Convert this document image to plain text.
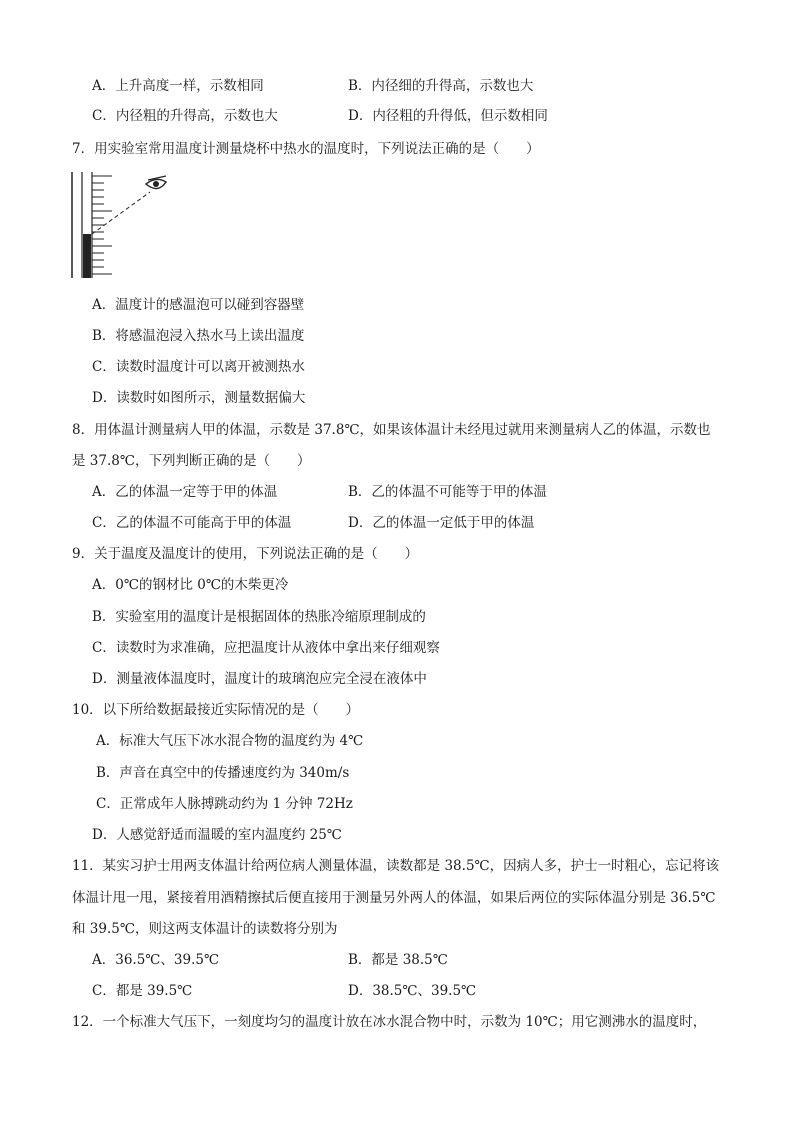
A．上升高度一样，示数相同	B．内径细的升得高，示数也大
C．内径粗的升得高，示数也大	D．内径粗的升得低，但示数相同
7．用实验室常用温度计测量烧杯中热水的温度时，下列说法正确的是（　　）
A．温度计的感温泡可以碰到容器壁
B．将感温泡浸入热水马上读出温度
C．读数时温度计可以离开被测热水
D．读数时如图所示，测量数据偏大
8．用体温计测量病人甲的体温，示数是 37.8℃，如果该体温计未经甩过就用来测量病人乙的体温，示数也
是 37.8℃，下列判断正确的是（　　）
A．乙的体温一定等于甲的体温	B．乙的体温不可能等于甲的体温
C．乙的体温不可能高于甲的体温	D．乙的体温一定低于甲的体温
9．关于温度及温度计的使用，下列说法正确的是（　　）
A．0℃的钢材比 0℃的木柴更冷
B．实验室用的温度计是根据固体的热胀冷缩原理制成的
C．读数时为求准确，应把温度计从液体中拿出来仔细观察
D．测量液体温度时，温度计的玻璃泡应完全浸在液体中
10．以下所给数据最接近实际情况的是（　　）
A．标准大气压下冰水混合物的温度约为 4℃
B．声音在真空中的传播速度约为 340m/s
C．正常成年人脉搏跳动约为 1 分钟 72Hz
D．人感觉舒适而温暖的室内温度约 25℃
11．某实习护士用两支体温计给两位病人测量体温，读数都是 38.5℃，因病人多，护士一时粗心，忘记将该
体温计甩一甩，紧接着用酒精擦拭后便直接用于测量另外两人的体温，如果后两位的实际体温分别是 36.5℃
和 39.5℃，则这两支体温计的读数将分别为
A．36.5℃、39.5℃	B．都是 38.5℃
C．都是 39.5℃	D．38.5℃、39.5℃
12．一个标准大气压下，一刻度均匀的温度计放在冰水混合物中时，示数为 10℃；用它测沸水的温度时，
